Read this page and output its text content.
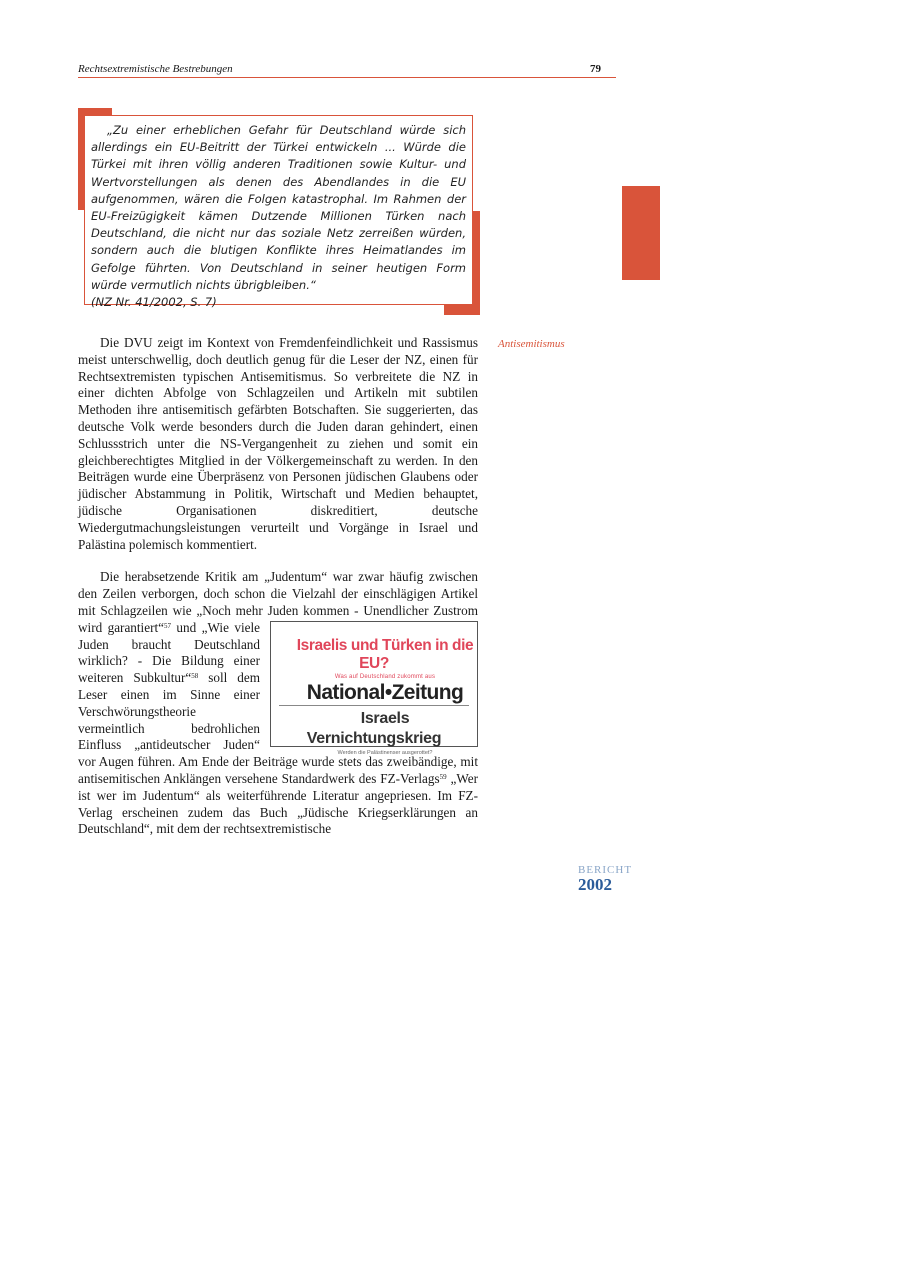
Rechtsextremistische Bestrebungen	79

„Zu einer erheblichen Gefahr für Deutschland würde sich allerdings ein EU-Beitritt der Türkei entwickeln ... Würde die Türkei mit ihren völlig anderen Traditionen sowie Kultur- und Wertvorstellungen als denen des Abendlandes in die EU aufgenommen, wären die Folgen katastrophal. Im Rahmen der EU-Freizügigkeit kämen Dutzende Millionen Türken nach Deutschland, die nicht nur das soziale Netz zerreißen würden, sondern auch die blutigen Konflikte ihres Heimatlandes im Gefolge führten. Von Deutschland in seiner heutigen Form würde vermutlich nichts übrigbleiben.“

(NZ Nr. 41/2002, S. 7)

Antisemitismus

Die DVU zeigt im Kontext von Fremdenfeindlichkeit und Rassismus meist unterschwellig, doch deutlich genug für die Leser der NZ, einen für Rechtsextremisten typischen Antisemitismus. So verbreitete die NZ in einer dichten Abfolge von Schlagzeilen und Artikeln mit subtilen Methoden ihre antisemitisch gefärbten Botschaften. Sie suggerierten, das deutsche Volk werde besonders durch die Juden daran gehindert, einen Schlussstrich unter die NS-Vergangenheit zu ziehen und somit ein gleichberechtigtes Mitglied in der Völkergemeinschaft zu werden. In den Beiträgen wurde eine Überpräsenz von Personen jüdischen Glaubens oder jüdischer Abstammung in Politik, Wirtschaft und Medien behauptet, jüdische Organisationen diskreditiert, deutsche Wiedergutmachungsleistungen verurteilt und Vorgänge in Israel und Palästina polemisch kommentiert.

Die herabsetzende Kritik am „Judentum“ war zwar häufig zwischen den Zeilen verborgen, doch schon die Vielzahl der einschlägigen Artikel mit Schlagzeilen wie „Noch mehr Juden kommen - Unendlicher Zustrom wird garantiert“$^{57}$
Israelis und Türken in die EU?
Was auf Deutschland zukommt aus
National•Zeitung
Israels Vernichtungskrieg
Werden die Palästinenser ausgerottet?
und „Wie viele Juden braucht Deutschland wirklich? - Die Bildung einer weiteren Subkultur“$^{58}$ soll dem Leser einen im Sinne einer Verschwörungstheorie vermeintlich bedrohlichen Einfluss „antideutscher Juden“ vor Augen führen. Am Ende der Beiträge wurde stets das zweibändige, mit antisemitischen Anklängen versehene Standardwerk des FZ-Verlags$^{59}$ „Wer ist wer im Judentum“ als weiterführende Literatur angepriesen. Im FZ-Verlag erscheinen zudem das Buch „Jüdische Kriegserklärungen an Deutschland“, mit dem der rechtsextremistische

BERICHT
2002
